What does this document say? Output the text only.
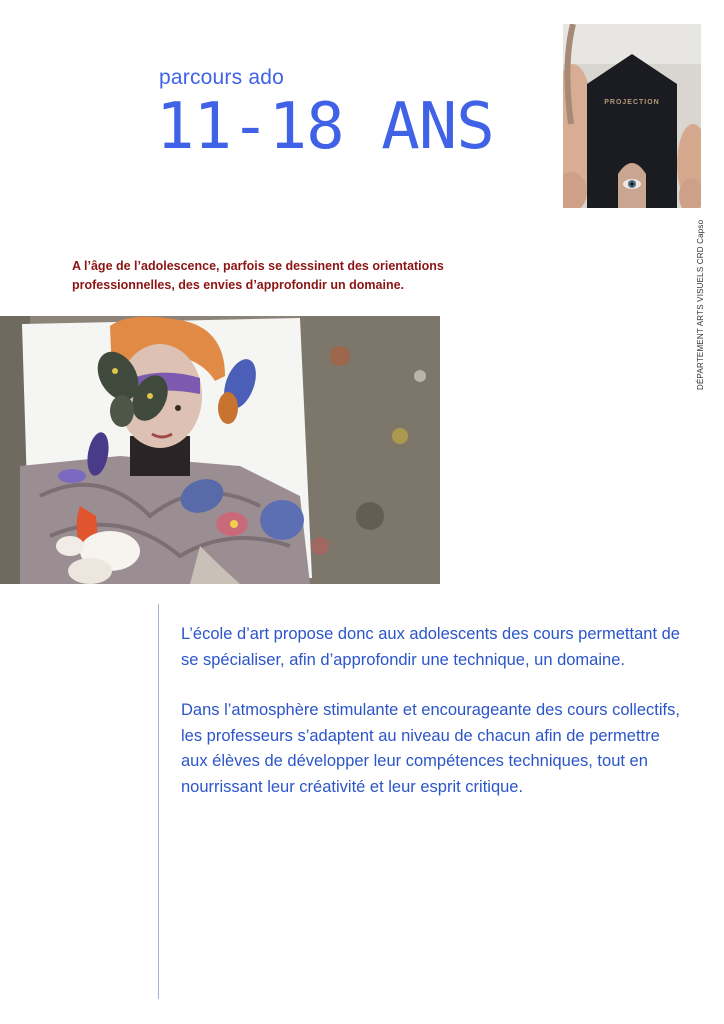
parcours ado
11-18 ANS	PROJECTION
DÉPARTEMENT ARTS VISUELS CRD Capso
A l’âge de l’adolescence, parfois se dessinent des orientations
professionnelles, des envies d’approfondir un domaine.

L’école d’art propose donc aux adolescents des cours permettant de se spécialiser, afin d’approfondir une technique, un domaine.

Dans l’atmosphère stimulante et encourageante des cours collectifs, les professeurs s’adaptent au niveau de chacun afin de permettre aux élèves de développer leur compétences techniques, tout en nourrissant leur créativité et leur esprit critique.
